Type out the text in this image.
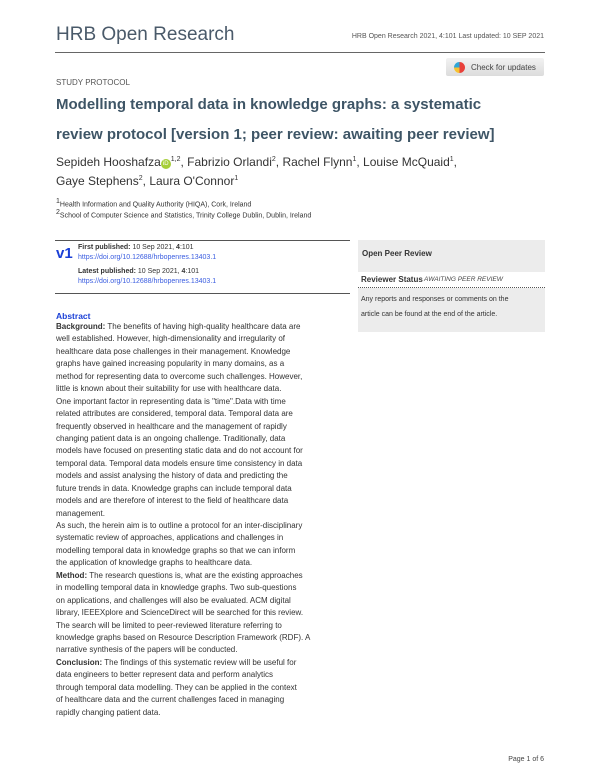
HRB Open Research	HRB Open Research 2021, 4:101 Last updated: 10 SEP 2021
Check for updates
STUDY PROTOCOL
Modelling temporal data in knowledge graphs: a systematic
review protocol [version 1; peer review: awaiting peer review]
Sepideh Hooshafza iD$^{1,2}$, Fabrizio Orlandi$^2$, Rachel Flynn$^1$, Louise McQuaid$^1$,
Gaye Stephens$^2$, Laura O'Connor$^1$
$^1$Health Information and Quality Authority (HIQA), Cork, Ireland
$^2$School of Computer Science and Statistics, Trinity College Dublin, Dublin, Ireland
v1 First published: 10 Sep 2021, 4:101
https://doi.org/10.12688/hrbopenres.13403.1
Latest published: 10 Sep 2021, 4:101
https://doi.org/10.12688/hrbopenres.13403.1
Open Peer Review
Reviewer Status AWAITING PEER REVIEW
Any reports and responses or comments on the
article can be found at the end of the article.
Abstract
Background: The benefits of having high-quality healthcare data are
well established. However, high-dimensionality and irregularity of
healthcare data pose challenges in their management. Knowledge
graphs have gained increasing popularity in many domains, as a
method for representing data to overcome such challenges. However,
little is known about their suitability for use with healthcare data.
One important factor in representing data is "time".Data with time
related attributes are considered, temporal data. Temporal data are
frequently observed in healthcare and the management of rapidly
changing patient data is an ongoing challenge. Traditionally, data
models have focused on presenting static data and do not account for
temporal data. Temporal data models ensure time consistency in data
models and assist analysing the history of data and predicting the
future trends in data. Knowledge graphs can include temporal data
models and are therefore of interest to the field of healthcare data
management.
As such, the herein aim is to outline a protocol for an inter-disciplinary
systematic review of approaches, applications and challenges in
modelling temporal data in knowledge graphs so that we can inform
the application of knowledge graphs to healthcare data.
Method: The research questions is, what are the existing approaches
in modelling temporal data in knowledge graphs. Two sub-questions
on applications, and challenges will also be evaluated. ACM digital
library, IEEEXplore and ScienceDirect will be searched for this review.
The search will be limited to peer-reviewed literature referring to
knowledge graphs based on Resource Description Framework (RDF). A
narrative synthesis of the papers will be conducted.
Conclusion: The findings of this systematic review will be useful for
data engineers to better represent data and perform analytics
through temporal data modelling. They can be applied in the context
of healthcare data and the current challenges faced in managing
rapidly changing patient data.
Page 1 of 6
